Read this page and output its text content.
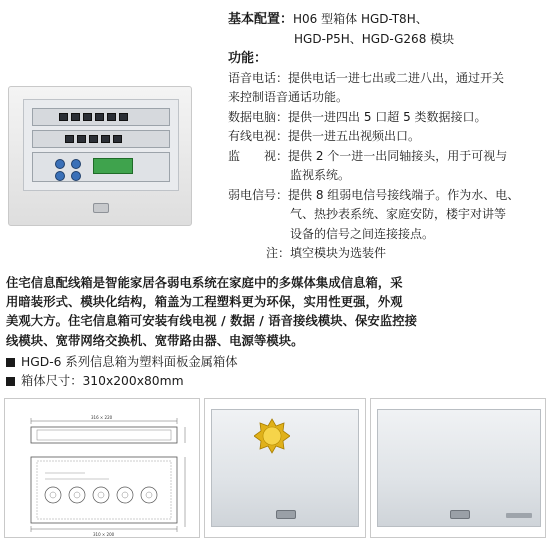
基本配置：H06 型箱体 HGD-T8H、
HGD-P5H、HGD-G268 模块
功能：
语音电话：提供电话一进七出或二进八出，通过开关
来控制语音通话功能。
数据电脑：提供一进四出 5 口超 5 类数据接口。
有线电视：提供一进五出视频出口。
监　　视：提供 2 个一进一出同轴接头，用于可视与
监视系统。
弱电信号：提供 8 组弱电信号接线端子。作为水、电、
气、热抄表系统、家庭安防，楼宇对讲等
设备的信号之间连接接点。
注：填空模块为选装件

住宅信息配线箱是智能家居各弱电系统在家庭中的多媒体集成信息箱，采

用暗装形式、模块化结构，箱盖为工程塑料更为环保，实用性更强，外观

美观大方。住宅信息箱可安装有线电视 / 数据 / 语音接线模块、保安监控接

线模块、宽带网络交换机、宽带路由器、电源等模块。

HGD-6 系列信息箱为塑料面板金属箱体
箱体尺寸：310x200x80mm
316 × 220
310 × 200
